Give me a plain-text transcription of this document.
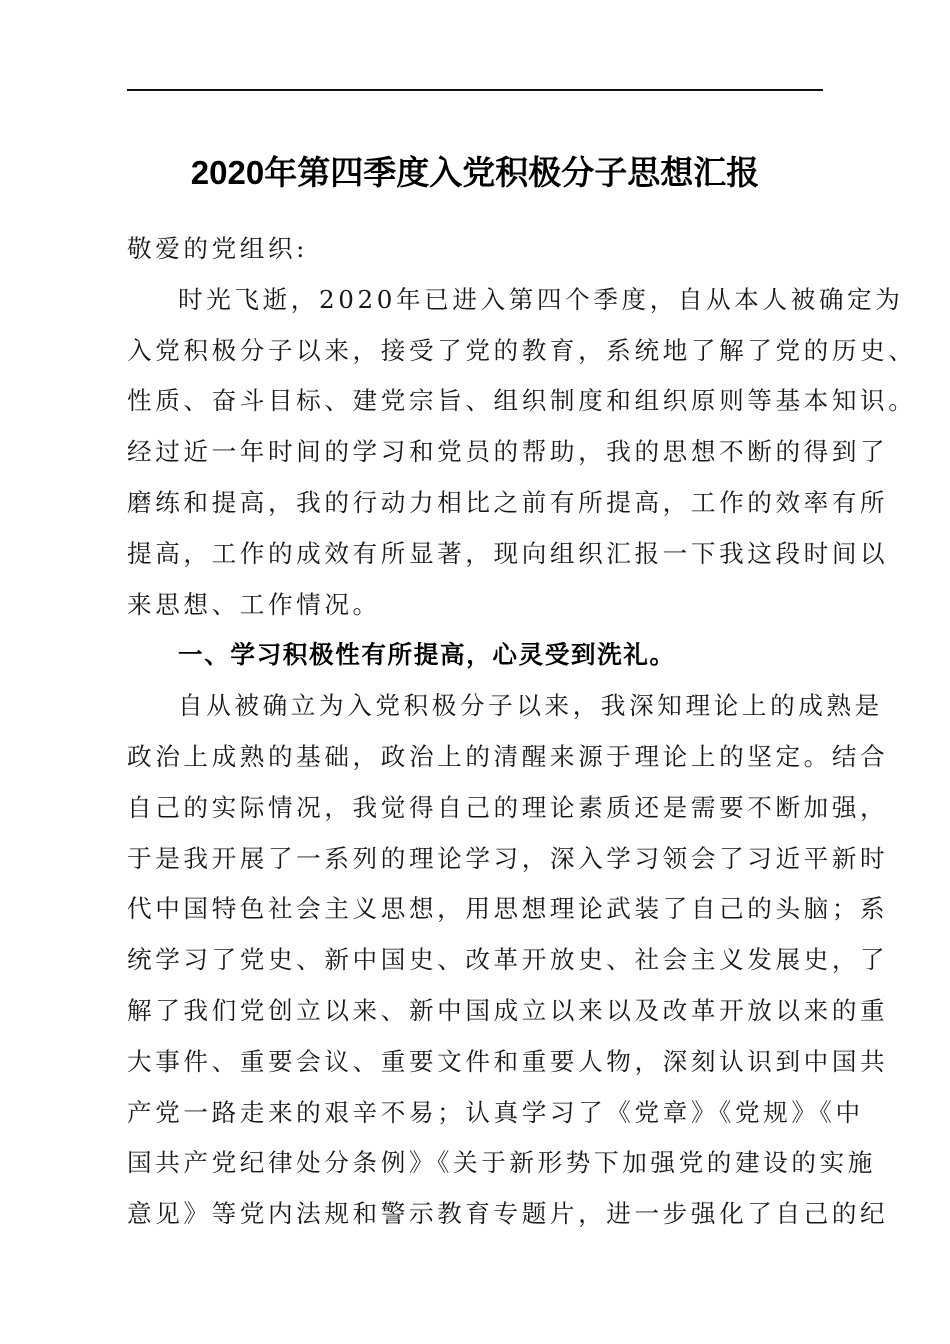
2020年第四季度入党积极分子思想汇报
敬爱的党组织:
时光飞逝，2020年已进入第四个季度，自从本人被确定为
入党积极分子以来，接受了党的教育，系统地了解了党的历史、
性质、奋斗目标、建党宗旨、组织制度和组织原则等基本知识。
经过近一年时间的学习和党员的帮助，我的思想不断的得到了
磨练和提高，我的行动力相比之前有所提高，工作的效率有所
提高，工作的成效有所显著，现向组织汇报一下我这段时间以
来思想、工作情况。
一、学习积极性有所提高，心灵受到洗礼。
自从被确立为入党积极分子以来，我深知理论上的成熟是
政治上成熟的基础，政治上的清醒来源于理论上的坚定。结合
自己的实际情况，我觉得自己的理论素质还是需要不断加强，
于是我开展了一系列的理论学习，深入学习领会了习近平新时
代中国特色社会主义思想，用思想理论武装了自己的头脑；系
统学习了党史、新中国史、改革开放史、社会主义发展史，了
解了我们党创立以来、新中国成立以来以及改革开放以来的重
大事件、重要会议、重要文件和重要人物，深刻认识到中国共
产党一路走来的艰辛不易；认真学习了《党章》《党规》《中
国共产党纪律处分条例》《关于新形势下加强党的建设的实施
意见》等党内法规和警示教育专题片，进一步强化了自己的纪
